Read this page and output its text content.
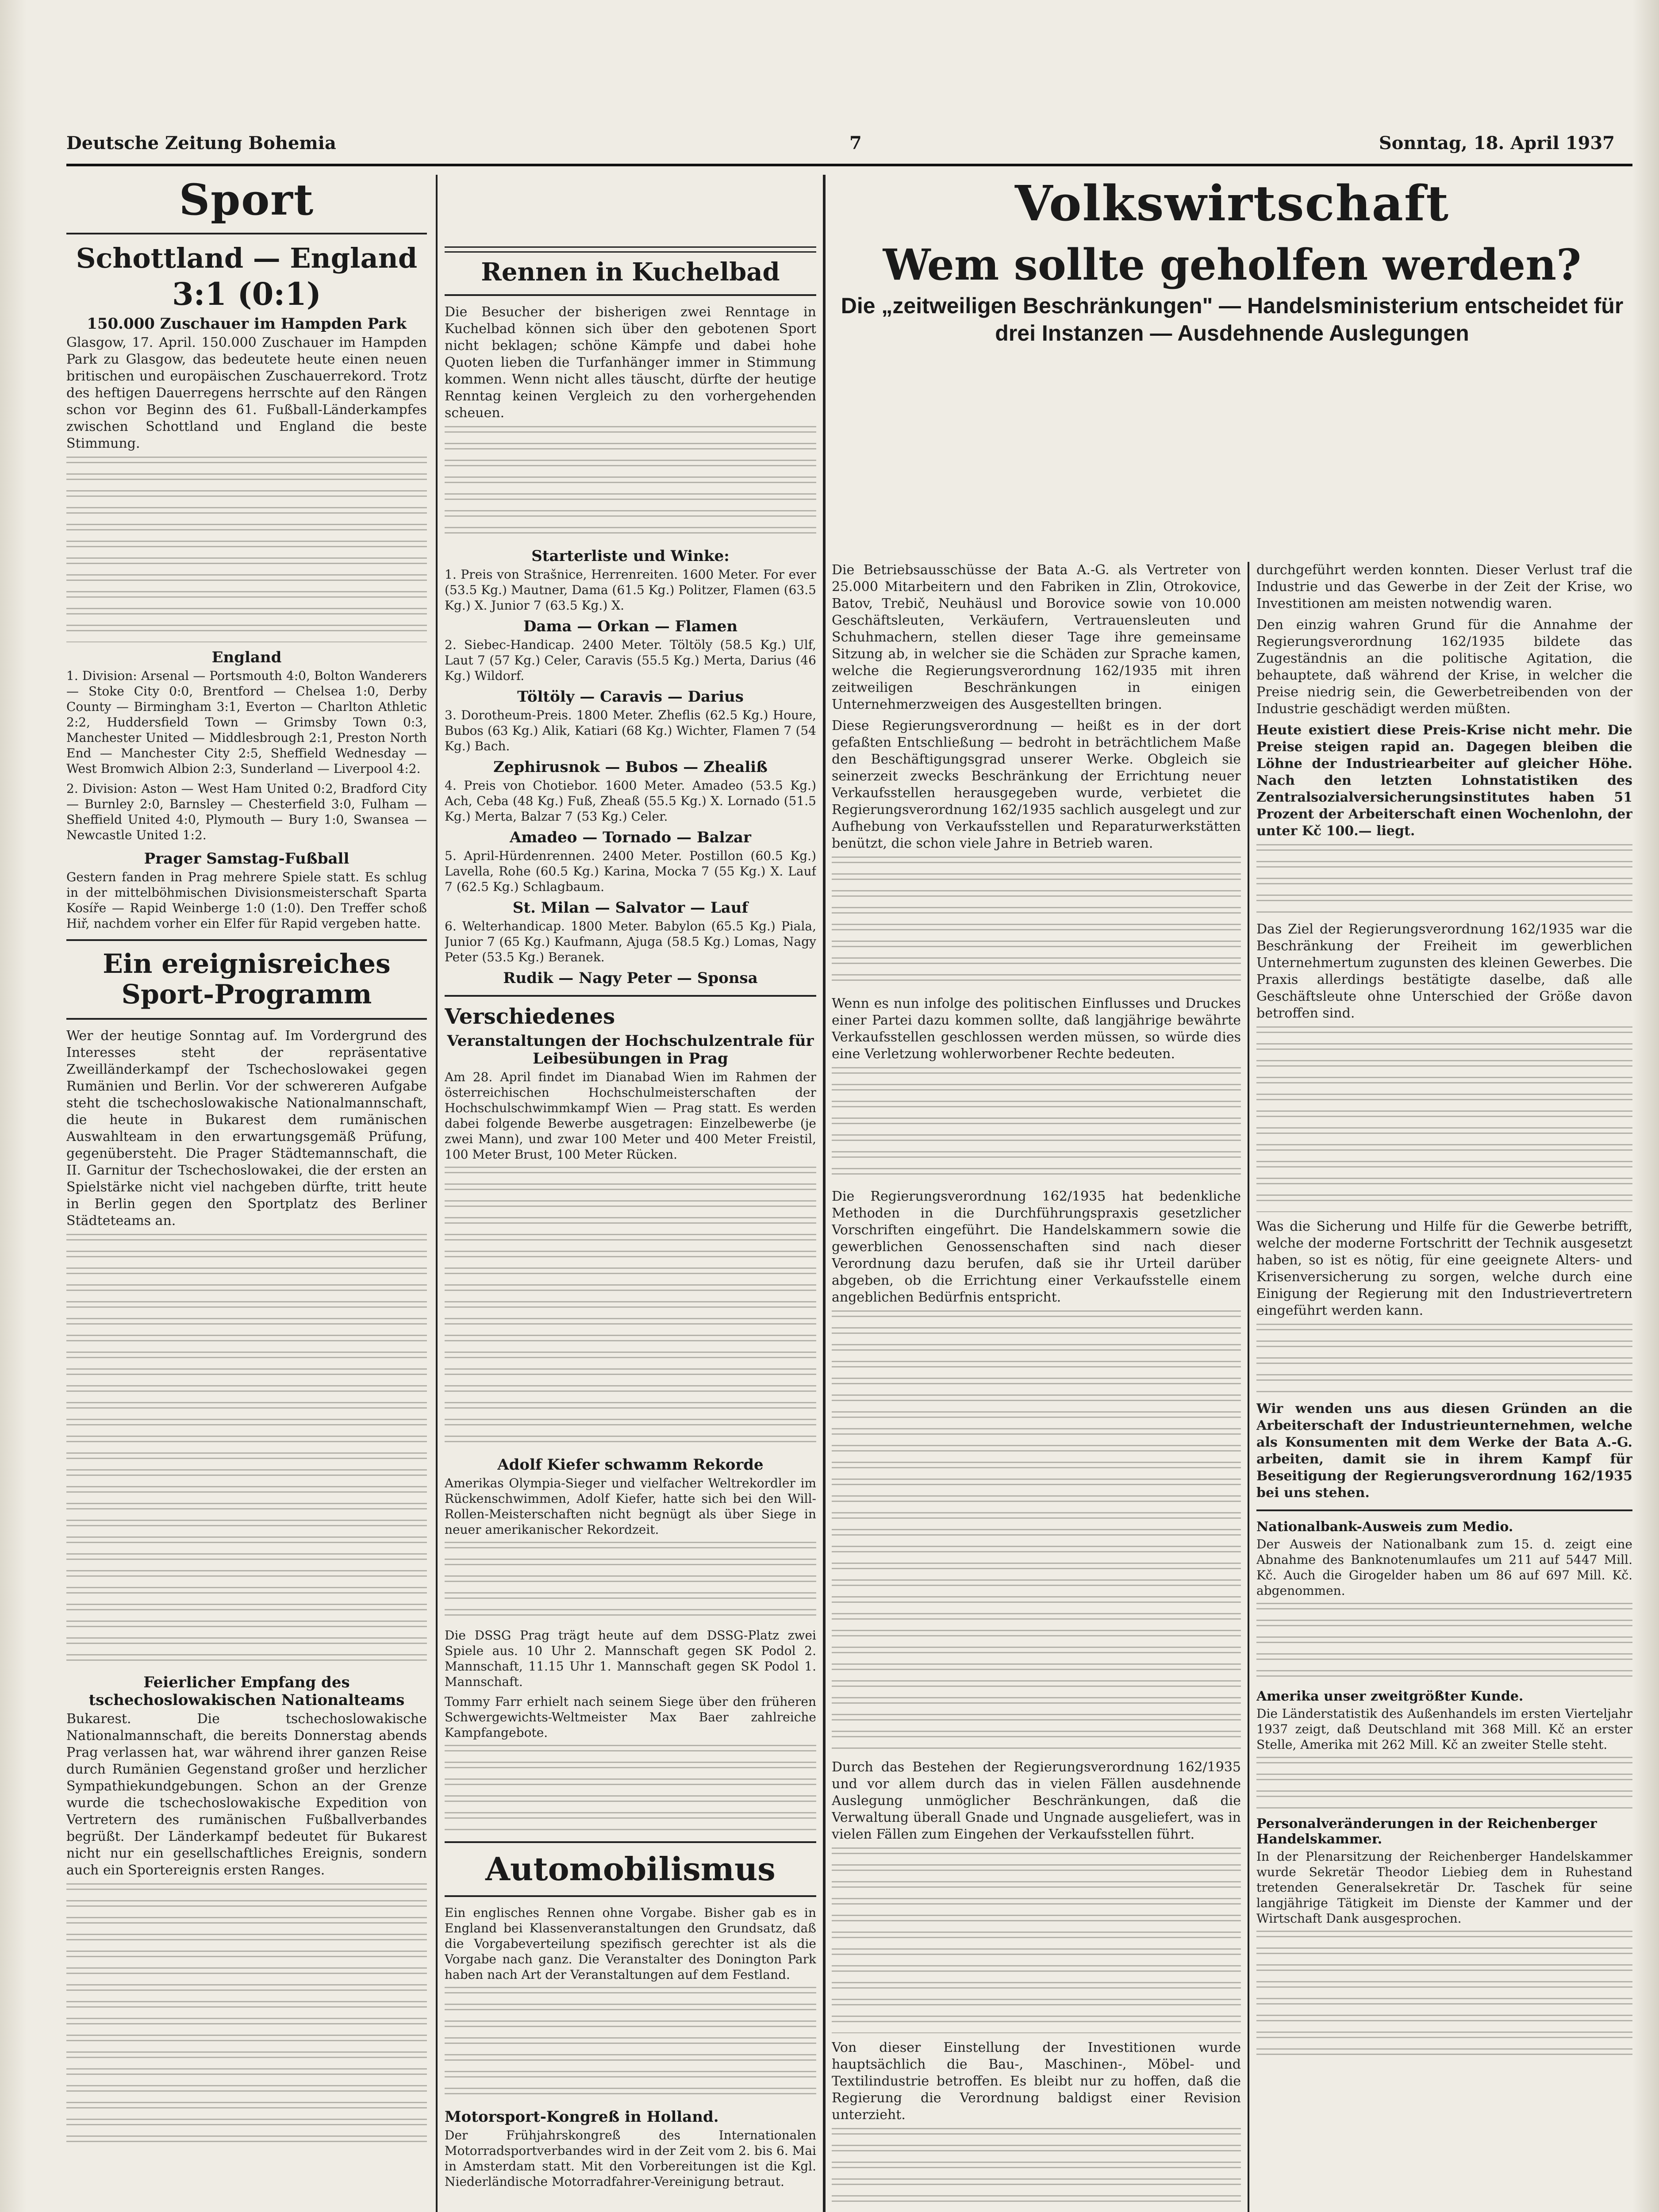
Deutsche Zeitung Bohemia	7	Sonntag, 18. April 1937
Sport
Schottland — England
3:1 (0:1)
150.000 Zuschauer im Hampden Park

Glasgow, 17. April. 150.000 Zuschauer im Hampden Park zu Glasgow, das bedeutete heute einen neuen britischen und europäischen Zuschauerrekord. Trotz des heftigen Dauerregens herrschte auf den Rängen schon vor Beginn des 61. Fußball-Länderkampfes zwischen Schottland und England die beste Stimmung.

England

1. Division: Arsenal — Portsmouth 4:0, Bolton Wanderers — Stoke City 0:0, Brentford — Chelsea 1:0, Derby County — Birmingham 3:1, Everton — Charlton Athletic 2:2, Huddersfield Town — Grimsby Town 0:3, Manchester United — Middlesbrough 2:1, Preston North End — Manchester City 2:5, Sheffield Wednesday — West Bromwich Albion 2:3, Sunderland — Liverpool 4:2.

2. Division: Aston — West Ham United 0:2, Bradford City — Burnley 2:0, Barnsley — Chesterfield 3:0, Fulham — Sheffield United 4:0, Plymouth — Bury 1:0, Swansea — Newcastle United 1:2.

Prager Samstag-Fußball

Gestern fanden in Prag mehrere Spiele statt. Es schlug in der mittelböhmischen Divisionsmeisterschaft Sparta Kosíře — Rapid Weinberge 1:0 (1:0). Den Treffer schoß Hiř, nachdem vorher ein Elfer für Rapid vergeben hatte.

Ein ereignisreiches Sport-Programm

Wer der heutige Sonntag auf. Im Vordergrund des Interesses steht der repräsentative Zweilländerkampf der Tschechoslowakei gegen Rumänien und Berlin. Vor der schwereren Aufgabe steht die tschechoslowakische Nationalmannschaft, die heute in Bukarest dem rumänischen Auswahlteam in den erwartungsgemäß Prüfung, gegenübersteht. Die Prager Städtemannschaft, die II. Garnitur der Tschechoslowakei, die der ersten an Spielstärke nicht viel nachgeben dürfte, tritt heute in Berlin gegen den Sportplatz des Berliner Städteteams an.

Feierlicher Empfang des tschechoslowakischen Nationalteams

Bukarest. Die tschechoslowakische Nationalmannschaft, die bereits Donnerstag abends Prag verlassen hat, war während ihrer ganzen Reise durch Rumänien Gegenstand großer und herzlicher Sympathiekundgebungen. Schon an der Grenze wurde die tschechoslowakische Expedition von Vertretern des rumänischen Fußballverbandes begrüßt. Der Länderkampf bedeutet für Bukarest nicht nur ein gesellschaftliches Ereignis, sondern auch ein Sportereignis ersten Ranges.

Rennen in Kuchelbad

Die Besucher der bisherigen zwei Renntage in Kuchelbad können sich über den gebotenen Sport nicht beklagen; schöne Kämpfe und dabei hohe Quoten lieben die Turfanhänger immer in Stimmung kommen. Wenn nicht alles täuscht, dürfte der heutige Renntag keinen Vergleich zu den vorhergehenden scheuen.

Starterliste und Winke:

1. Preis von Strašnice, Herrenreiten. 1600 Meter. For ever (53.5 Kg.) Mautner, Dama (61.5 Kg.) Politzer, Flamen (63.5 Kg.) X. Junior 7 (63.5 Kg.) X.

Dama — Orkan — Flamen

2. Siebec-Handicap. 2400 Meter. Töltöly (58.5 Kg.) Ulf, Laut 7 (57 Kg.) Celer, Caravis (55.5 Kg.) Merta, Darius (46 Kg.) Wildorf.

Töltöly — Caravis — Darius

3. Dorotheum-Preis. 1800 Meter. Zheflis (62.5 Kg.) Houre, Bubos (63 Kg.) Alik, Katiari (68 Kg.) Wichter, Flamen 7 (54 Kg.) Bach.

Zephirusnok — Bubos — Zhealiß

4. Preis von Chotiebor. 1600 Meter. Amadeo (53.5 Kg.) Ach, Ceba (48 Kg.) Fuß, Zheaß (55.5 Kg.) X. Lornado (51.5 Kg.) Merta, Balzar 7 (53 Kg.) Celer.

Amadeo — Tornado — Balzar

5. April-Hürdenrennen. 2400 Meter. Postillon (60.5 Kg.) Lavella, Rohe (60.5 Kg.) Karina, Mocka 7 (55 Kg.) X. Lauf 7 (62.5 Kg.) Schlagbaum.

St. Milan — Salvator — Lauf

6. Welterhandicap. 1800 Meter. Babylon (65.5 Kg.) Piala, Junior 7 (65 Kg.) Kaufmann, Ajuga (58.5 Kg.) Lomas, Nagy Peter (53.5 Kg.) Beranek.

Rudik — Nagy Peter — Sponsa
Verschiedenes
Veranstaltungen der Hochschulzentrale für Leibesübungen in Prag

Am 28. April findet im Dianabad Wien im Rahmen der österreichischen Hochschulmeisterschaften der Hochschulschwimmkampf Wien — Prag statt. Es werden dabei folgende Bewerbe ausgetragen: Einzelbewerbe (je zwei Mann), und zwar 100 Meter und 400 Meter Freistil, 100 Meter Brust, 100 Meter Rücken.

Adolf Kiefer schwamm Rekorde

Amerikas Olympia-Sieger und vielfacher Weltrekordler im Rückenschwimmen, Adolf Kiefer, hatte sich bei den Will-Rollen-Meisterschaften nicht begnügt als über Siege in neuer amerikanischer Rekordzeit.

Die DSSG Prag trägt heute auf dem DSSG-Platz zwei Spiele aus. 10 Uhr 2. Mannschaft gegen SK Podol 2. Mannschaft, 11.15 Uhr 1. Mannschaft gegen SK Podol 1. Mannschaft.

Tommy Farr erhielt nach seinem Siege über den früheren Schwergewichts-Weltmeister Max Baer zahlreiche Kampfangebote.

Automobilismus

Ein englisches Rennen ohne Vorgabe. Bisher gab es in England bei Klassenveranstaltungen den Grundsatz, daß die Vorgabeverteilung spezifisch gerechter ist als die Vorgabe nach ganz. Die Veranstalter des Donington Park haben nach Art der Veranstaltungen auf dem Festland.

Motorsport-Kongreß in Holland.

Der Frühjahrskongreß des Internationalen Motorradsportverbandes wird in der Zeit vom 2. bis 6. Mai in Amsterdam statt. Mit den Vorbereitungen ist die Kgl. Niederländische Motorradfahrer-Vereinigung betraut.

Volkswirtschaft
Wem sollte geholfen werden?
Die „zeitweiligen Beschränkungen" — Handelsministerium entscheidet für drei Instanzen — Ausdehnende Auslegungen

Die Betriebsausschüsse der Bata A.-G. als Vertreter von 25.000 Mitarbeitern und den Fabriken in Zlin, Otrokovice, Batov, Trebič, Neuhäusl und Borovice sowie von 10.000 Geschäftsleuten, Verkäufern, Vertrauensleuten und Schuhmachern, stellen dieser Tage ihre gemeinsame Sitzung ab, in welcher sie die Schäden zur Sprache kamen, welche die Regierungsverordnung 162/1935 mit ihren zeitweiligen Beschränkungen in einigen Unternehmerzweigen des Ausgestellten bringen.

Diese Regierungsverordnung — heißt es in der dort gefaßten Entschließung — bedroht in beträchtlichem Maße den Beschäftigungsgrad unserer Werke. Obgleich sie seinerzeit zwecks Beschränkung der Errichtung neuer Verkaufsstellen herausgegeben wurde, verbietet die Regierungsverordnung 162/1935 sachlich ausgelegt und zur Aufhebung von Verkaufsstellen und Reparaturwerkstätten benützt, die schon viele Jahre in Betrieb waren.

Wenn es nun infolge des politischen Einflusses und Druckes einer Partei dazu kommen sollte, daß langjährige bewährte Verkaufsstellen geschlossen werden müssen, so würde dies eine Verletzung wohlerworbener Rechte bedeuten.

Die Regierungsverordnung 162/1935 hat bedenkliche Methoden in die Durchführungspraxis gesetzlicher Vorschriften eingeführt. Die Handelskammern sowie die gewerblichen Genossenschaften sind nach dieser Verordnung dazu berufen, daß sie ihr Urteil darüber abgeben, ob die Errichtung einer Verkaufsstelle einem angeblichen Bedürfnis entspricht.

Durch das Bestehen der Regierungsverordnung 162/1935 und vor allem durch das in vielen Fällen ausdehnende Auslegung unmöglicher Beschränkungen, daß die Verwaltung überall Gnade und Ungnade ausgeliefert, was in vielen Fällen zum Eingehen der Verkaufsstellen führt.

Von dieser Einstellung der Investitionen wurde hauptsächlich die Bau-, Maschinen-, Möbel- und Textilindustrie betroffen. Es bleibt nur zu hoffen, daß die Regierung die Verordnung baldigst einer Revision unterzieht.

durchgeführt werden konnten. Dieser Verlust traf die Industrie und das Gewerbe in der Zeit der Krise, wo Investitionen am meisten notwendig waren.

Den einzig wahren Grund für die Annahme der Regierungsverordnung 162/1935 bildete das Zugeständnis an die politische Agitation, die behauptete, daß während der Krise, in welcher die Preise niedrig sein, die Gewerbetreibenden von der Industrie geschädigt werden müßten.

Heute existiert diese Preis-Krise nicht mehr. Die Preise steigen rapid an. Dagegen bleiben die Löhne der Industriearbeiter auf gleicher Höhe. Nach den letzten Lohnstatistiken des Zentralsozialversicherungsinstitutes haben 51 Prozent der Arbeiterschaft einen Wochenlohn, der unter Kč 100.— liegt.

Das Ziel der Regierungsverordnung 162/1935 war die Beschränkung der Freiheit im gewerblichen Unternehmertum zugunsten des kleinen Gewerbes. Die Praxis allerdings bestätigte daselbe, daß alle Geschäftsleute ohne Unterschied der Größe davon betroffen sind.

Was die Sicherung und Hilfe für die Gewerbe betrifft, welche der moderne Fortschritt der Technik ausgesetzt haben, so ist es nötig, für eine geeignete Alters- und Krisenversicherung zu sorgen, welche durch eine Einigung der Regierung mit den Industrievertretern eingeführt werden kann.

Wir wenden uns aus diesen Gründen an die Arbeiterschaft der Industrieunternehmen, welche als Konsumenten mit dem Werke der Bata A.-G. arbeiten, damit sie in ihrem Kampf für Beseitigung der Regierungsverordnung 162/1935 bei uns stehen.

Nationalbank-Ausweis zum Medio.

Der Ausweis der Nationalbank zum 15. d. zeigt eine Abnahme des Banknotenumlaufes um 211 auf 5447 Mill. Kč. Auch die Girogelder haben um 86 auf 697 Mill. Kč. abgenommen.

Amerika unser zweitgrößter Kunde.

Die Länderstatistik des Außenhandels im ersten Vierteljahr 1937 zeigt, daß Deutschland mit 368 Mill. Kč an erster Stelle, Amerika mit 262 Mill. Kč an zweiter Stelle steht.

Personalveränderungen in der Reichenberger Handelskammer.

In der Plenarsitzung der Reichenberger Handelskammer wurde Sekretär Theodor Liebieg dem in Ruhestand tretenden Generalsekretär Dr. Taschek für seine langjährige Tätigkeit im Dienste der Kammer und der Wirtschaft Dank ausgesprochen.
